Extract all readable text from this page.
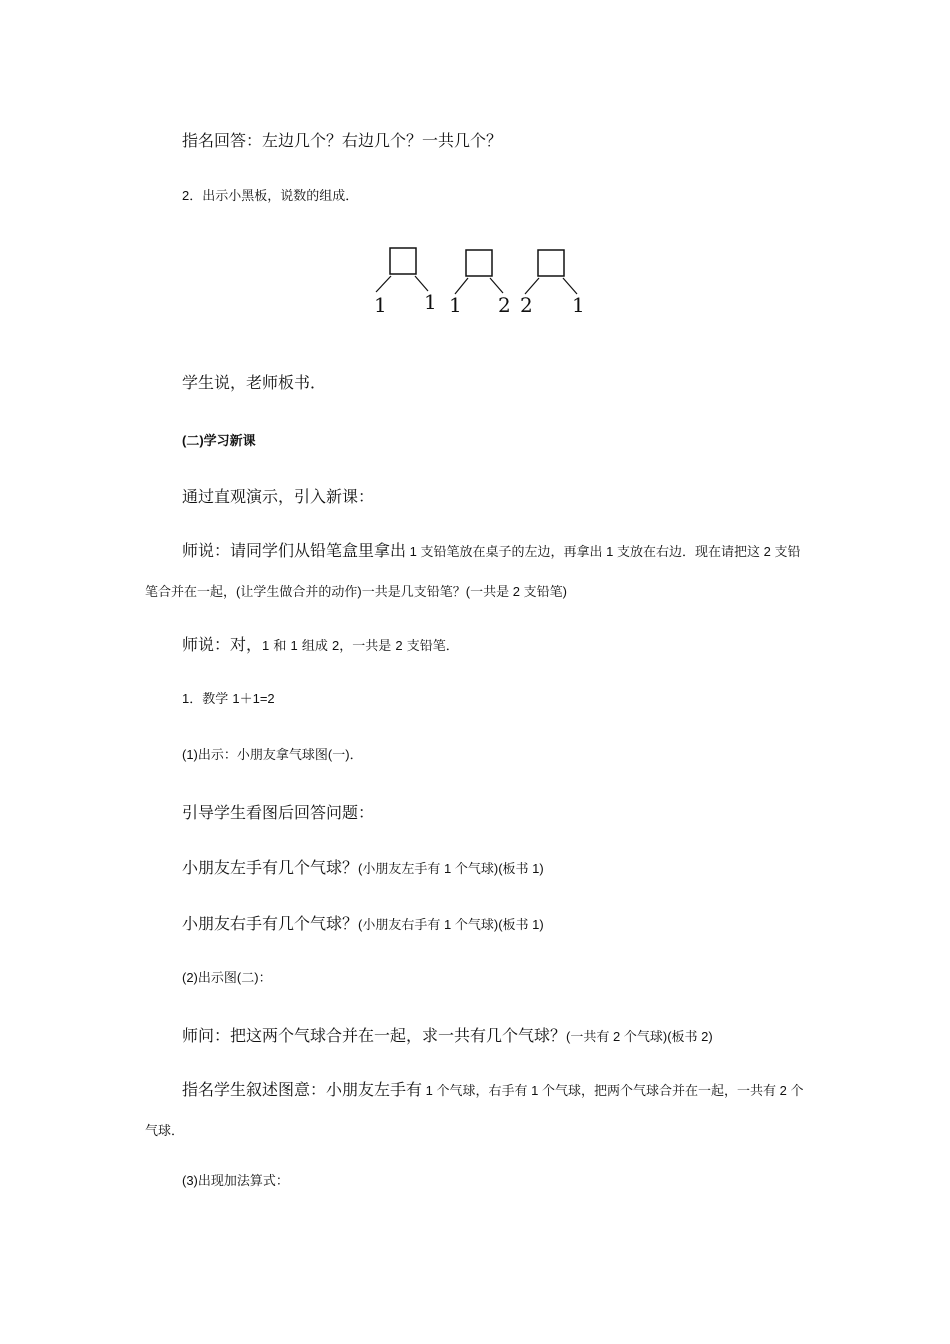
指名回答：左边几个？右边几个？一共几个？

2．出示小黑板，说数的组成．

1 1 1 2 2 1

学生说，老师板书．

(二)学习新课

通过直观演示，引入新课：

师说：请同学们从铅笔盒里拿出 1 支铅笔放在桌子的左边，再拿出 1 支放在右边．现在请把这 2 支铅笔合并在一起，(让学生做合并的动作)一共是几支铅笔？(一共是 2 支铅笔)

师说：对，1 和 1 组成 2，一共是 2 支铅笔．

1．教学 1＋1=2

(1)出示：小朋友拿气球图(一)．

引导学生看图后回答问题：

小朋友左手有几个气球？(小朋友左手有 1 个气球)(板书 1)

小朋友右手有几个气球？(小朋友右手有 1 个气球)(板书 1)

(2)出示图(二)：

师问：把这两个气球合并在一起，求一共有几个气球？(一共有 2 个气球)(板书 2)

指名学生叙述图意：小朋友左手有 1 个气球，右手有 1 个气球，把两个气球合并在一起，一共有 2 个气球．

(3)出现加法算式：
